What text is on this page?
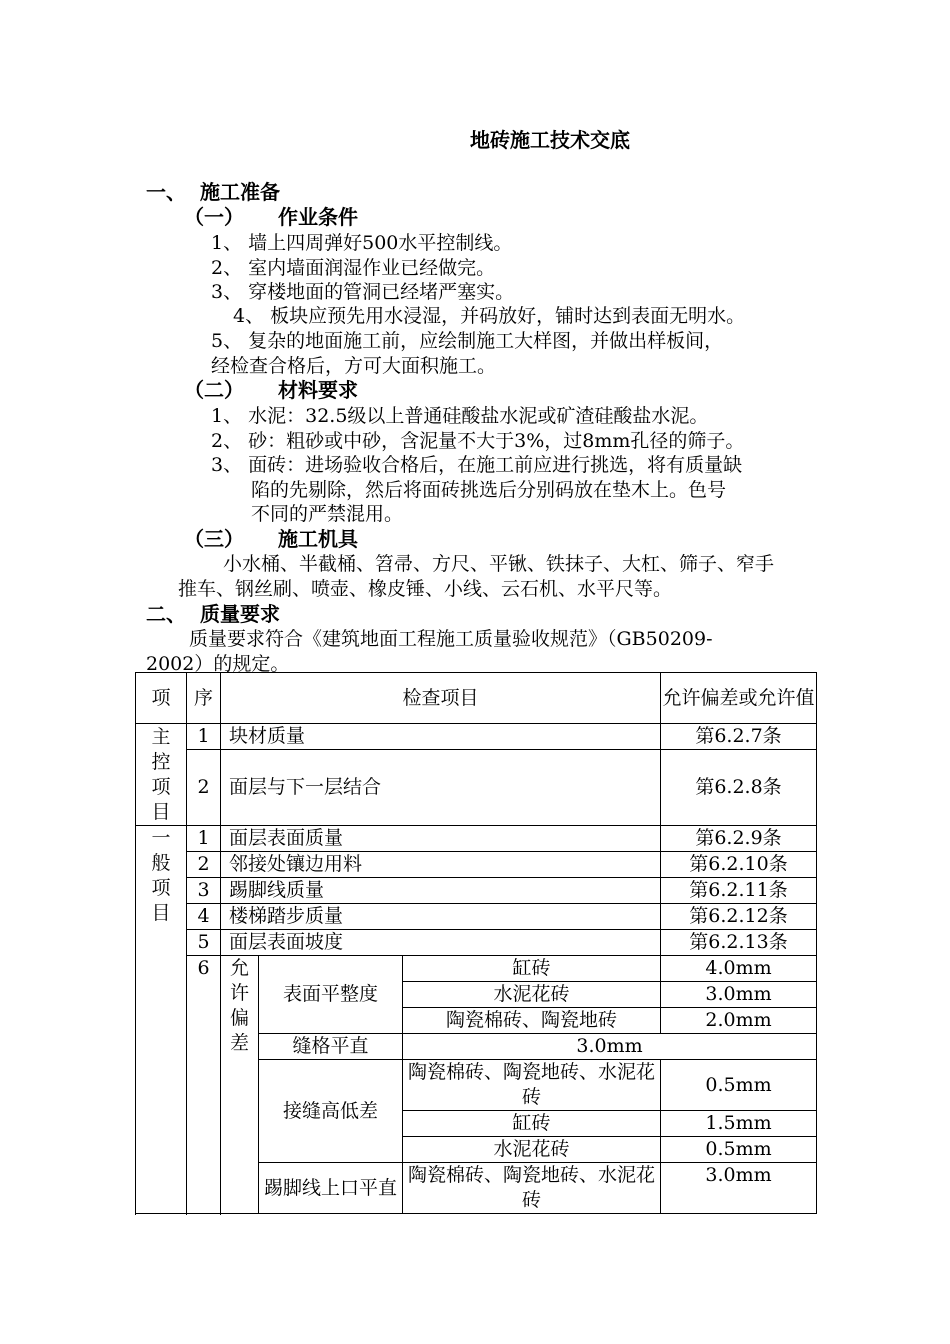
地砖施工技术交底
一、 施工准备
（一） 作业条件
1、 墙上四周弹好500水平控制线。
2、 室内墙面润湿作业已经做完。
3、 穿楼地面的管洞已经堵严塞实。
4、 板块应预先用水浸湿，并码放好，铺时达到表面无明水。
5、 复杂的地面施工前，应绘制施工大样图，并做出样板间，
经检查合格后，方可大面积施工。
（二） 材料要求
1、 水泥：32.5级以上普通硅酸盐水泥或矿渣硅酸盐水泥。
2、 砂：粗砂或中砂，含泥量不大于3%，过8mm孔径的筛子。
3、 面砖：进场验收合格后，在施工前应进行挑选，将有质量缺
陷的先剔除，然后将面砖挑选后分别码放在垫木上。色号
不同的严禁混用。
（三） 施工机具
小水桶、半截桶、笤帚、方尺、平锹、铁抹子、大杠、筛子、窄手
推车、钢丝刷、喷壶、橡皮锤、小线、云石机、水平尺等。
二、 质量要求
质量要求符合《建筑地面工程施工质量验收规范》（GB50209-
2002）的规定。
项	序	检查项目			允许偏差或允许值

主控项目	1	块材质量			第6.2.7条
	2	面层与下一层结合			第6.2.8条

一般项目	1	面层表面质量			第6.2.9条
	2	邻接处镶边用料			第6.2.10条
	3	踢脚线质量			第6.2.11条
	4	楼梯踏步质量			第6.2.12条
	5	面层表面坡度			第6.2.13条
	6	允许偏差	表面平整度	缸砖	4.0mm
				水泥花砖	3.0mm
				陶瓷棉砖、陶瓷地砖	2.0mm
			缝格平直	3.0mm	
			接缝高低差	陶瓷棉砖、陶瓷地砖、水泥花砖	0.5mm
				缸砖	1.5mm
				水泥花砖	0.5mm
			踢脚线上口平直	陶瓷棉砖、陶瓷地砖、水泥花砖	3.0mm
